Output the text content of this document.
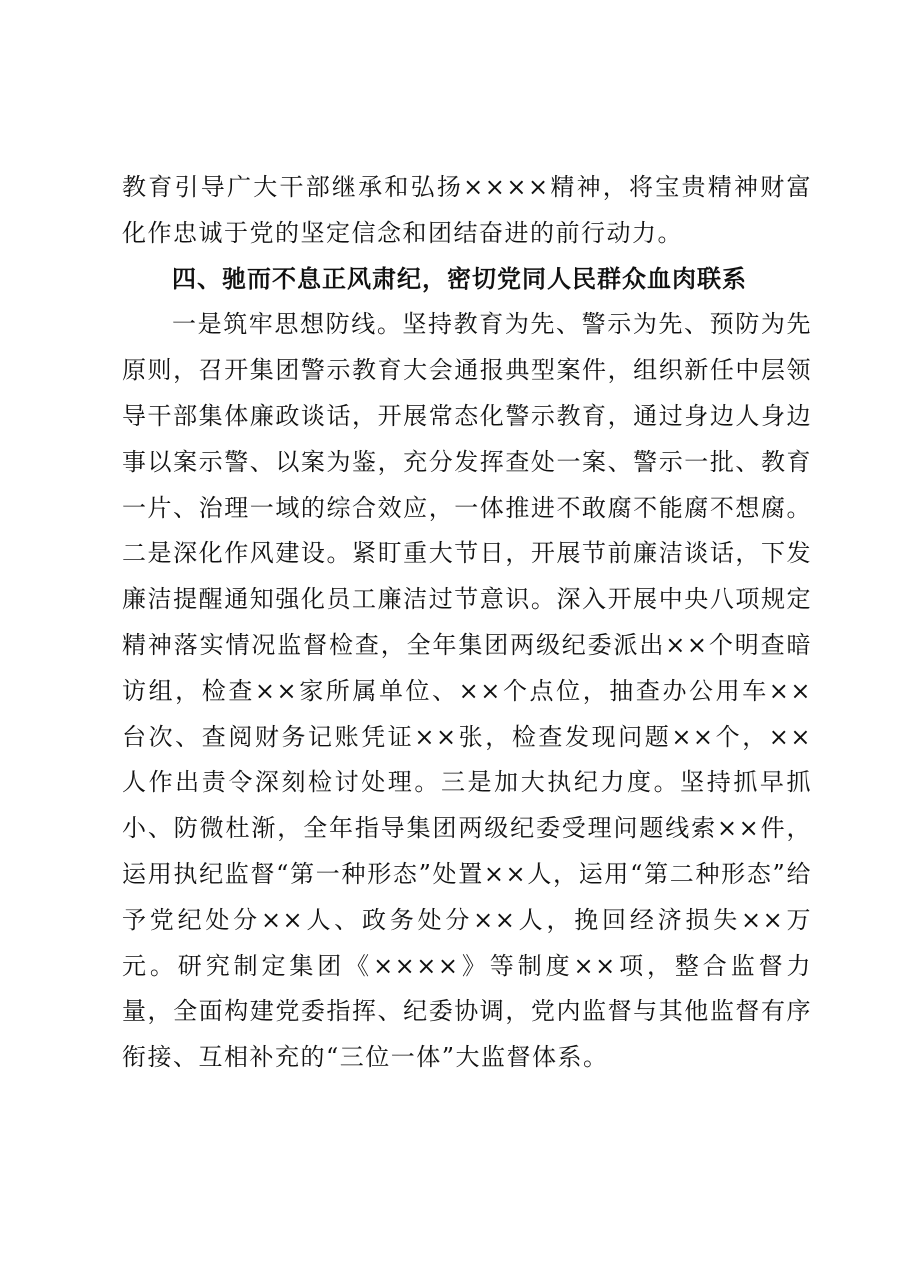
教育引导广大干部继承和弘扬××××精神，将宝贵精神财富化作忠诚于党的坚定信念和团结奋进的前行动力。

四、驰而不息正风肃纪，密切党同人民群众血肉联系

一是筑牢思想防线。坚持教育为先、警示为先、预防为先原则，召开集团警示教育大会通报典型案件，组织新任中层领导干部集体廉政谈话，开展常态化警示教育，通过身边人身边事以案示警、以案为鉴，充分发挥查处一案、警示一批、教育一片、治理一域的综合效应，一体推进不敢腐不能腐不想腐。二是深化作风建设。紧盯重大节日，开展节前廉洁谈话，下发廉洁提醒通知强化员工廉洁过节意识。深入开展中央八项规定精神落实情况监督检查，全年集团两级纪委派出××个明查暗访组，检查××家所属单位、××个点位，抽查办公用车××台次、查阅财务记账凭证××张，检查发现问题××个，××人作出责令深刻检讨处理。三是加大执纪力度。坚持抓早抓小、防微杜渐，全年指导集团两级纪委受理问题线索××件，运用执纪监督“第一种形态”处置××人，运用“第二种形态”给予党纪处分××人、政务处分××人，挽回经济损失××万元。研究制定集团《××××》等制度××项，整合监督力量，全面构建党委指挥、纪委协调，党内监督与其他监督有序衔接、互相补充的“三位一体”大监督体系。
